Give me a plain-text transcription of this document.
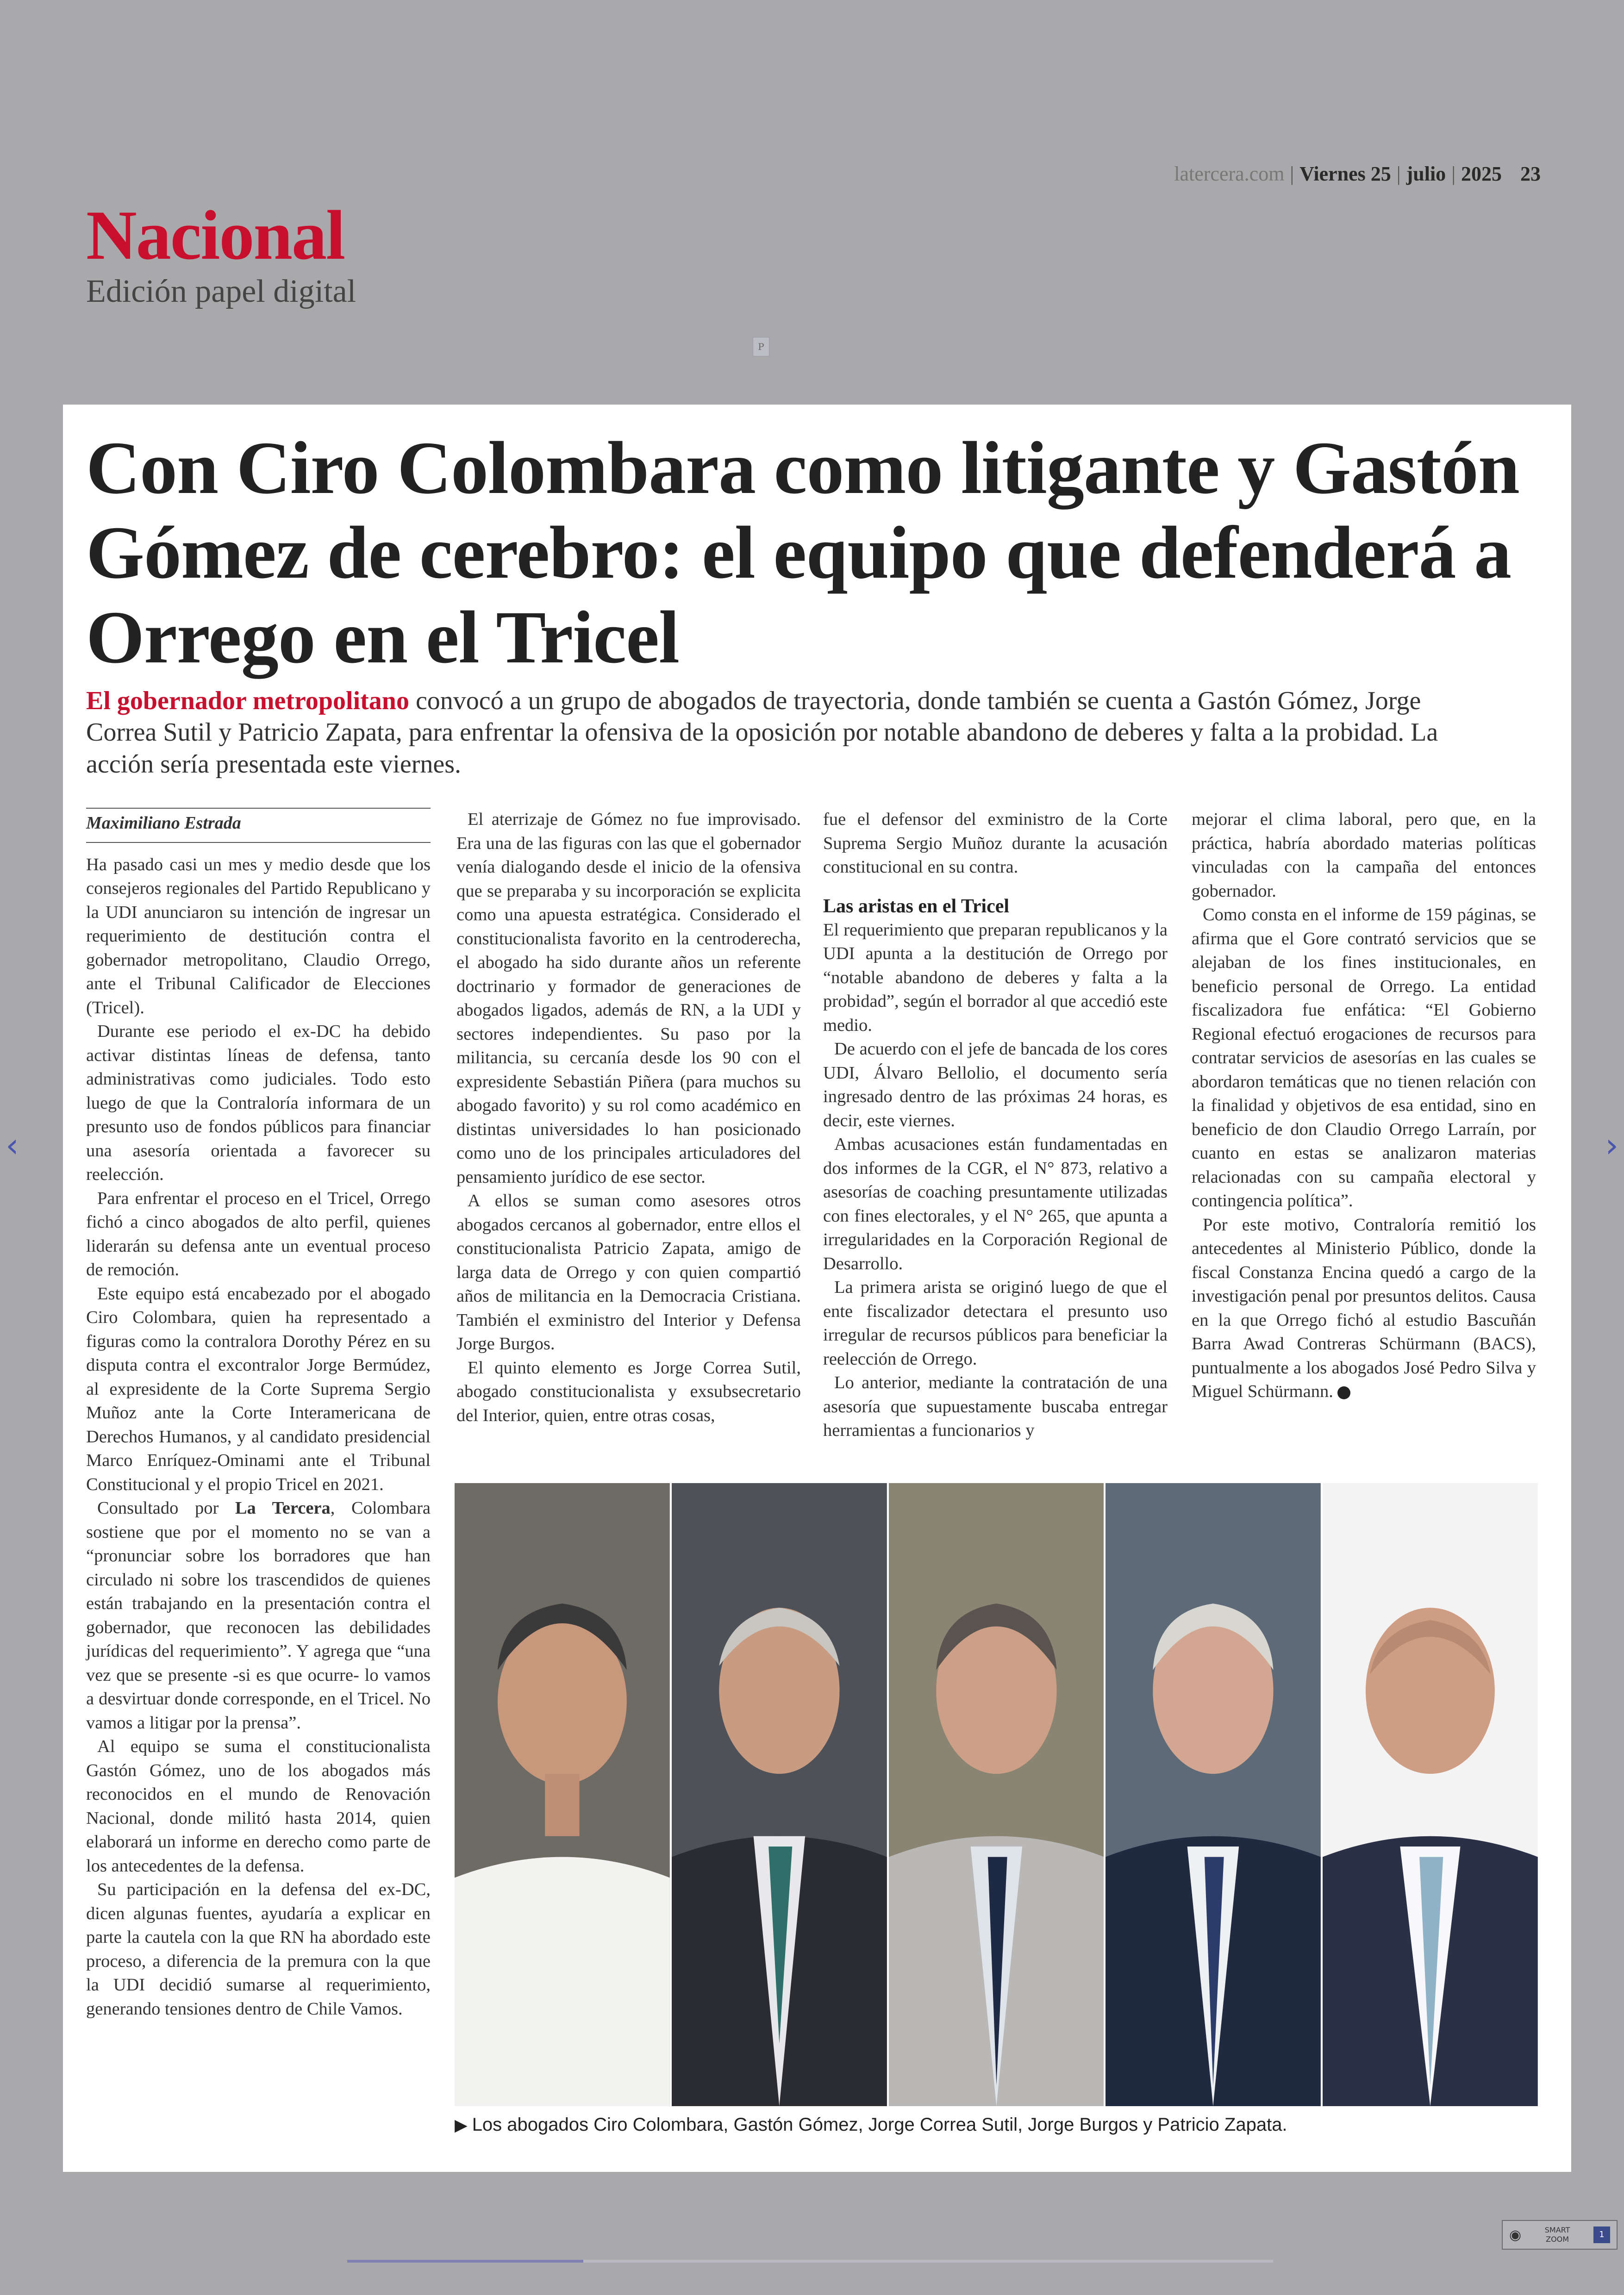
latercera.com | Viernes 25 | julio | 2025 23
Nacional
Edición papel digital
P
Con Ciro Colombara como litigante y Gastón Gómez de cerebro: el equipo que defenderá a Orrego en el Tricel

El gobernador metropolitano convocó a un grupo de abogados de trayectoria, donde también se cuenta a Gastón Gómez, Jorge Correa Sutil y Patricio Zapata, para enfrentar la ofensiva de la oposición por notable abandono de deberes y falta a la probidad. La acción sería presentada este viernes.

Maximiliano Estrada

Ha pasado casi un mes y medio desde que los consejeros regionales del Partido Republicano y la UDI anunciaron su intención de ingresar un requerimiento de destitución contra el gobernador metropolitano, Claudio Orrego, ante el Tribunal Calificador de Elecciones (Tricel).

Durante ese periodo el ex-DC ha debido activar distintas líneas de defensa, tanto administrativas como judiciales. Todo esto luego de que la Contraloría informara de un presunto uso de fondos públicos para financiar una asesoría orientada a favorecer su reelección.

Para enfrentar el proceso en el Tricel, Orrego fichó a cinco abogados de alto perfil, quienes liderarán su defensa ante un eventual proceso de remoción.

Este equipo está encabezado por el abogado Ciro Colombara, quien ha representado a figuras como la contralora Dorothy Pérez en su disputa contra el excontralor Jorge Bermúdez, al expresidente de la Corte Suprema Sergio Muñoz ante la Corte Interamericana de Derechos Humanos, y al candidato presidencial Marco Enríquez-Ominami ante el Tribunal Constitucional y el propio Tricel en 2021.

Consultado por La Tercera, Colombara sostiene que por el momento no se van a “pronunciar sobre los borradores que han circulado ni sobre los trascendidos de quienes están trabajando en la presentación contra el gobernador, que reconocen las debilidades jurídicas del requerimiento”. Y agrega que “una vez que se presente -si es que ocurre- lo vamos a desvirtuar donde corresponde, en el Tricel. No vamos a litigar por la prensa”.

Al equipo se suma el constitucionalista Gastón Gómez, uno de los abogados más reconocidos en el mundo de Renovación Nacional, donde militó hasta 2014, quien elaborará un informe en derecho como parte de los antecedentes de la defensa.

Su participación en la defensa del ex-DC, dicen algunas fuentes, ayudaría a explicar en parte la cautela con la que RN ha abordado este proceso, a diferencia de la premura con la que la UDI decidió sumarse al requerimiento, generando tensiones dentro de Chile Vamos.

El aterrizaje de Gómez no fue improvisado. Era una de las figuras con las que el gobernador venía dialogando desde el inicio de la ofensiva que se preparaba y su incorporación se explicita como una apuesta estratégica. Considerado el constitucionalista favorito en la centroderecha, el abogado ha sido durante años un referente doctrinario y formador de generaciones de abogados ligados, además de RN, a la UDI y sectores independientes. Su paso por la militancia, su cercanía desde los 90 con el expresidente Sebastián Piñera (para muchos su abogado favorito) y su rol como académico en distintas universidades lo han posicionado como uno de los principales articuladores del pensamiento jurídico de ese sector.

A ellos se suman como asesores otros abogados cercanos al gobernador, entre ellos el constitucionalista Patricio Zapata, amigo de larga data de Orrego y con quien compartió años de militancia en la Democracia Cristiana. También el exministro del Interior y Defensa Jorge Burgos.

El quinto elemento es Jorge Correa Sutil, abogado constitucionalista y exsubsecretario del Interior, quien, entre otras cosas,

fue el defensor del exministro de la Corte Suprema Sergio Muñoz durante la acusación constitucional en su contra.

Las aristas en el Tricel

El requerimiento que preparan republicanos y la UDI apunta a la destitución de Orrego por “notable abandono de deberes y falta a la probidad”, según el borrador al que accedió este medio.

De acuerdo con el jefe de bancada de los cores UDI, Álvaro Bellolio, el documento sería ingresado dentro de las próximas 24 horas, es decir, este viernes.

Ambas acusaciones están fundamentadas en dos informes de la CGR, el N° 873, relativo a asesorías de coaching presuntamente utilizadas con fines electorales, y el N° 265, que apunta a irregularidades en la Corporación Regional de Desarrollo.

La primera arista se originó luego de que el ente fiscalizador detectara el presunto uso irregular de recursos públicos para beneficiar la reelección de Orrego.

Lo anterior, mediante la contratación de una asesoría que supuestamente buscaba entregar herramientas a funcionarios y

mejorar el clima laboral, pero que, en la práctica, habría abordado materias políticas vinculadas con la campaña del entonces gobernador.

Como consta en el informe de 159 páginas, se afirma que el Gore contrató servicios que se alejaban de los fines institucionales, en beneficio personal de Orrego. La entidad fiscalizadora fue enfática: “El Gobierno Regional efectuó erogaciones de recursos para contratar servicios de asesorías en las cuales se abordaron temáticas que no tienen relación con la finalidad y objetivos de esa entidad, sino en beneficio de don Claudio Orrego Larraín, por cuanto en estas se analizaron materias relacionadas con su campaña electoral y contingencia política”.

Por este motivo, Contraloría remitió los antecedentes al Ministerio Público, donde la fiscal Constanza Encina quedó a cargo de la investigación penal por presuntos delitos. Causa en la que Orrego fichó al estudio Bascuñán Barra Awad Contreras Schürmann (BACS), puntualmente a los abogados José Pedro Silva y Miguel Schürmann.

▶ Los abogados Ciro Colombara, Gastón Gómez, Jorge Correa Sutil, Jorge Burgos y Patricio Zapata.
‹	›
◉	SMART
ZOOM	1
